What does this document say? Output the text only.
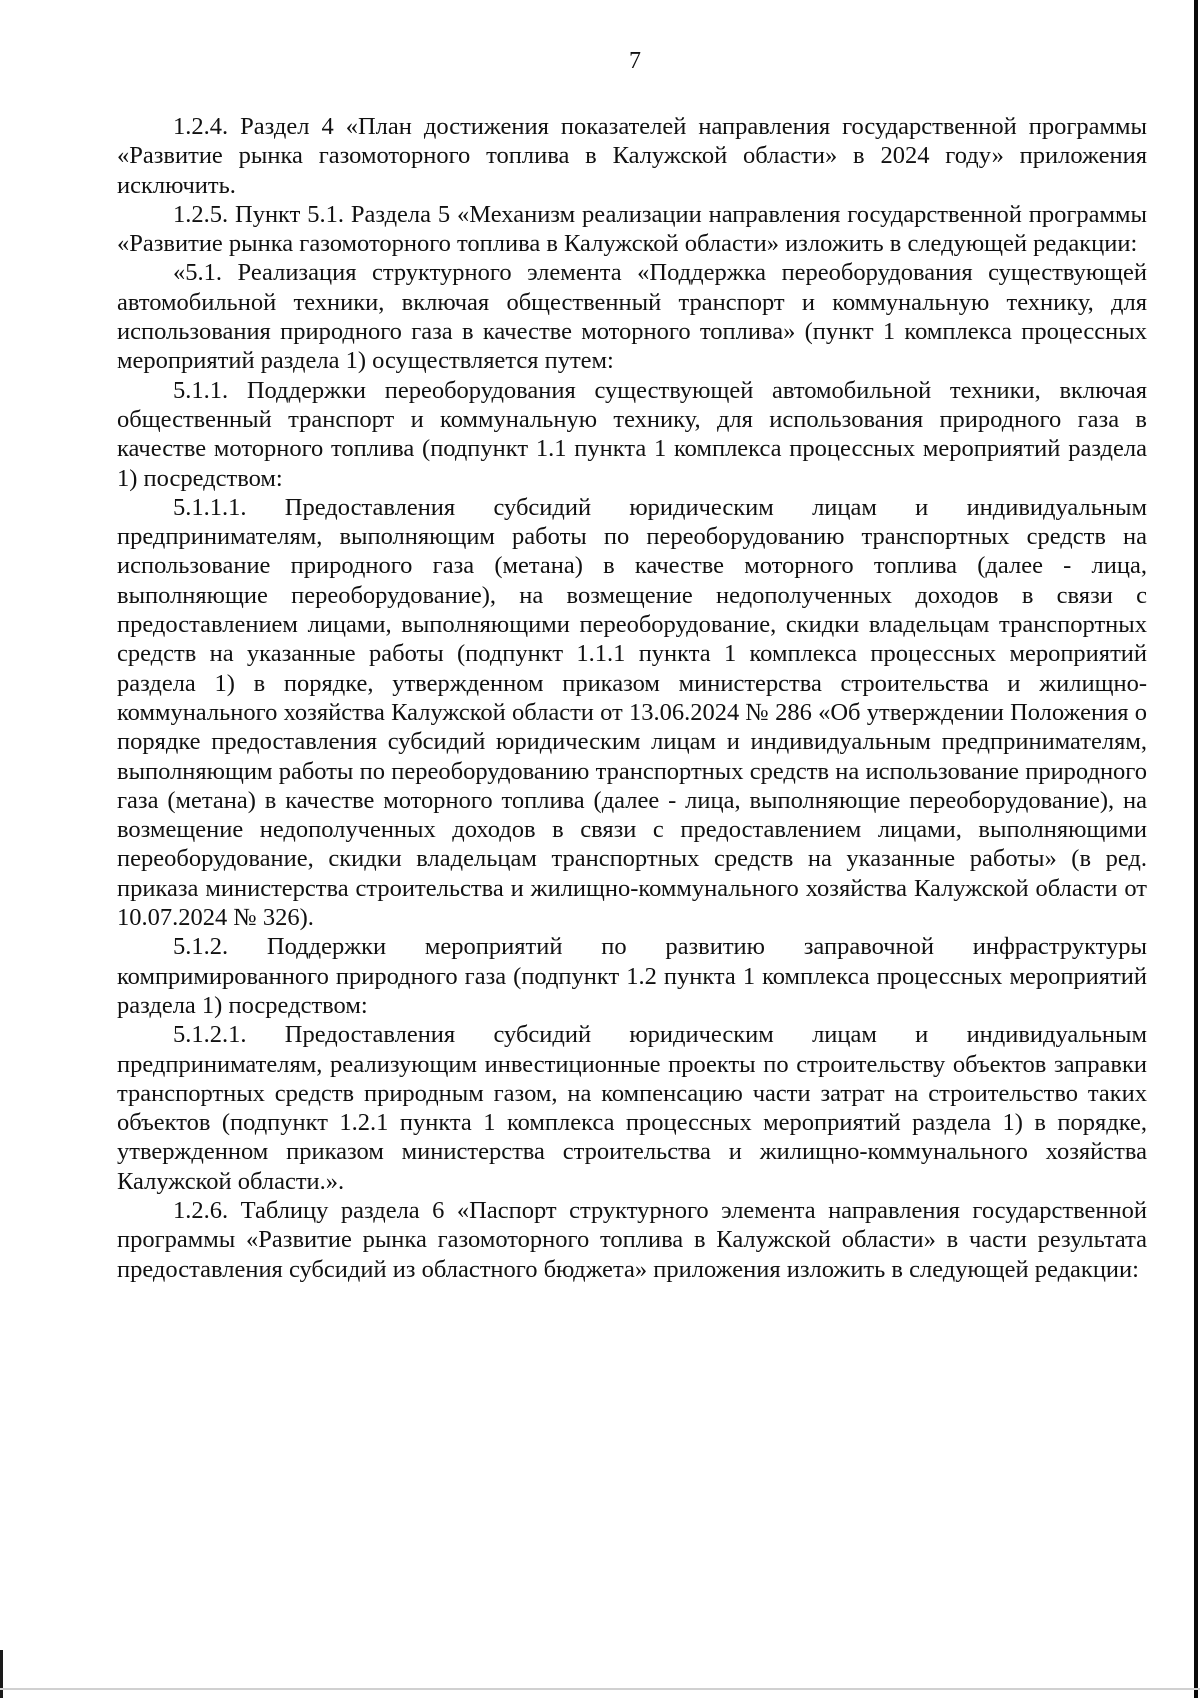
7

1.2.4. Раздел 4 «План достижения показателей направления государственной программы «Развитие рынка газомоторного топлива в Калужской области» в 2024 году» приложения исключить.

1.2.5. Пункт 5.1. Раздела 5 «Механизм реализации направления государственной программы «Развитие рынка газомоторного топлива в Калужской области» изложить в следующей редакции:

«5.1. Реализация структурного элемента «Поддержка переоборудования существующей автомобильной техники, включая общественный транспорт и коммунальную технику, для использования природного газа в качестве моторного топлива» (пункт 1 комплекса процессных мероприятий раздела 1) осуществляется путем:

5.1.1. Поддержки переоборудования существующей автомобильной техники, включая общественный транспорт и коммунальную технику, для использования природного газа в качестве моторного топлива (подпункт 1.1 пункта 1 комплекса процессных мероприятий раздела 1) посредством:

5.1.1.1. Предоставления субсидий юридическим лицам и индивидуальным предпринимателям, выполняющим работы по переоборудованию транспортных средств на использование природного газа (метана) в качестве моторного топлива (далее - лица, выполняющие переоборудование), на возмещение недополученных доходов в связи с предоставлением лицами, выполняющими переоборудование, скидки владельцам транспортных средств на указанные работы (подпункт 1.1.1 пункта 1 комплекса процессных мероприятий раздела 1) в порядке, утвержденном приказом министерства строительства и жилищно-коммунального хозяйства Калужской области от 13.06.2024 № 286 «Об утверждении Положения о порядке предоставления субсидий юридическим лицам и индивидуальным предпринимателям, выполняющим работы по переоборудованию транспортных средств на использование природного газа (метана) в качестве моторного топлива (далее - лица, выполняющие переоборудование), на возмещение недополученных доходов в связи с предоставлением лицами, выполняющими переоборудование, скидки владельцам транспортных средств на указанные работы» (в ред. приказа министерства строительства и жилищно-коммунального хозяйства Калужской области от 10.07.2024 № 326).

5.1.2. Поддержки мероприятий по развитию заправочной инфраструктуры компримированного природного газа (подпункт 1.2 пункта 1 комплекса процессных мероприятий раздела 1) посредством:

5.1.2.1. Предоставления субсидий юридическим лицам и индивидуальным предпринимателям, реализующим инвестиционные проекты по строительству объектов заправки транспортных средств природным газом, на компенсацию части затрат на строительство таких объектов (подпункт 1.2.1 пункта 1 комплекса процессных мероприятий раздела 1) в порядке, утвержденном приказом министерства строительства и жилищно-коммунального хозяйства Калужской области.».

1.2.6. Таблицу раздела 6 «Паспорт структурного элемента направления государственной программы «Развитие рынка газомоторного топлива в Калужской области» в части результата предоставления субсидий из областного бюджета» приложения изложить в следующей редакции:
